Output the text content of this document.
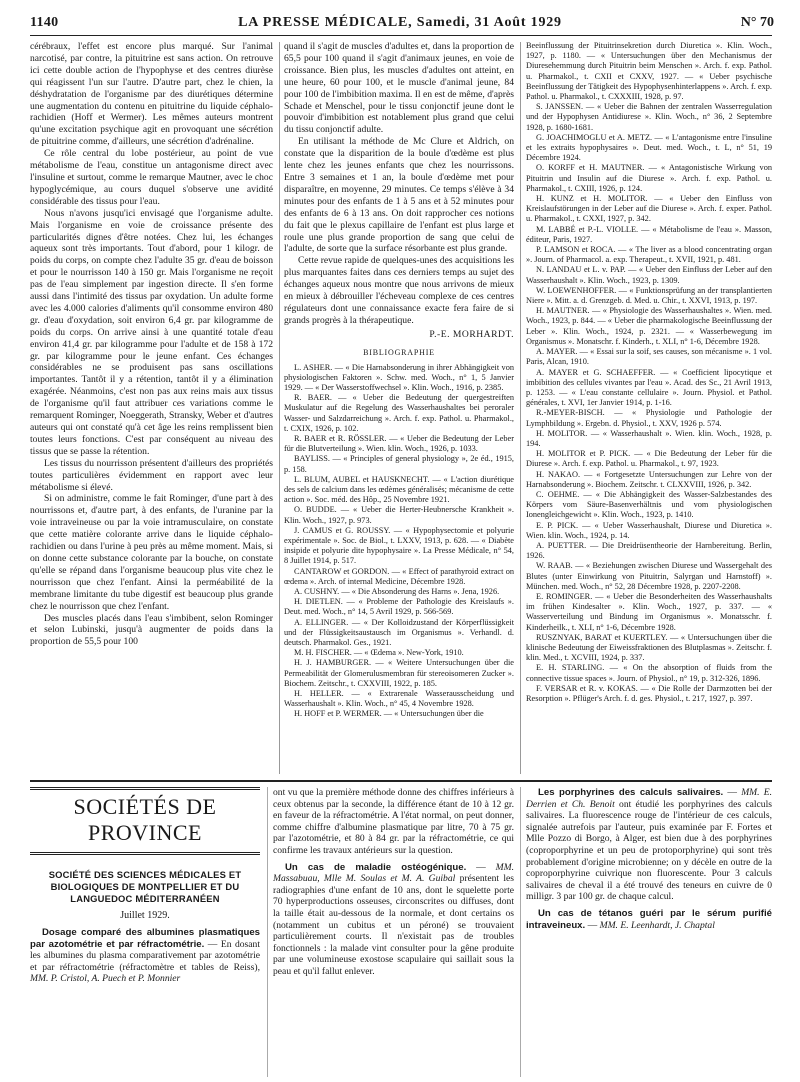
1140	LA PRESSE MÉDICALE, Samedi, 31 Août 1929	N° 70

cérébraux, l'effet est encore plus marqué. Sur l'animal narcotisé, par contre, la pituitrine est sans action. On retrouve ici cette double action de l'hypophyse et des centres diurèse qui réagissent l'un sur l'autre. D'autre part, chez le chien, la déshydratation de l'organisme par des diurétiques détermine une augmentation du contenu en pituitrine du liquide céphalo-rachidien (Hoff et Wermer). Les mêmes auteurs montrent qu'une excitation psychique agit en provoquant une sécrétion de pituitrine comme, d'ailleurs, une sécrétion d'adrénaline.

Ce rôle central du lobe postérieur, au point de vue métabolisme de l'eau, constitue un antagonisme direct avec l'insuline et surtout, comme le remarque Mautner, avec le choc hypoglycémique, au cours duquel s'observe une avidité considérable des tissus pour l'eau.

Nous n'avons jusqu'ici envisagé que l'organisme adulte. Mais l'organisme en voie de croissance présente des particularités dignes d'être notées. Chez lui, les échanges aqueux sont très importants. Tout d'abord, pour 1 kilogr. de poids du corps, on compte chez l'adulte 35 gr. d'eau de boisson et pour le nourrisson 140 à 150 gr. Mais l'organisme ne reçoit pas de l'eau simplement par ingestion directe. Il s'en forme aussi dans l'intimité des tissus par oxydation. Un adulte forme avec les 4.000 calories d'aliments qu'il consomme environ 480 gr. d'eau d'oxydation, soit environ 6,4 gr. par kilogramme de poids du corps. On arrive ainsi à une quantité totale d'eau environ 41,4 gr. par kilogramme pour l'adulte et de 158 à 172 gr. par kilogramme pour le jeune enfant. Ces échanges considérables ne se produisent pas sans oscillations importantes. Tantôt il y a rétention, tantôt il y a élimination exagérée. Néanmoins, c'est non pas aux reins mais aux tissus de l'organisme qu'il faut attribuer ces variations comme le remarquent Rominger, Noeggerath, Stransky, Weber et d'autres auteurs qui ont constaté qu'à cet âge les reins remplissent bien toutes leurs fonctions. C'est par conséquent au niveau des tissus que se passe la rétention.

Les tissus du nourrisson présentent d'ailleurs des propriétés toutes particulières évidemment en rapport avec leur métabolisme si élevé.

Si on administre, comme le fait Rominger, d'une part à des nourrissons et, d'autre part, à des enfants, de l'uranine par la voie intraveineuse ou par la voie intramusculaire, on constate que cette matière colorante arrive dans le liquide céphalo-rachidien ou dans l'urine à peu près au même moment. Mais, si on donne cette substance colorante par la bouche, on constate qu'elle se répand dans l'organisme beaucoup plus vite chez le nourrisson que chez l'enfant. Ainsi la perméabilité de la membrane limitante du tube digestif est beaucoup plus grande chez le nourrisson que chez l'enfant.

Des muscles placés dans l'eau s'imbibent, selon Rominger et selon Lubinski, jusqu'à augmenter de poids dans la proportion de 55,5 pour 100

quand il s'agit de muscles d'adultes et, dans la proportion de 65,5 pour 100 quand il s'agit d'animaux jeunes, en voie de croissance. Bien plus, les muscles d'adultes ont atteint, en une heure, 60 pour 100, et le muscle d'animal jeune, 84 pour 100 de l'imbibition maxima. Il en est de même, d'après Schade et Menschel, pour le tissu conjonctif jeune dont le pouvoir d'imbibition est notablement plus grand que celui du tissu conjonctif adulte.

En utilisant la méthode de Mc Clure et Aldrich, on constate que la disparition de la boule d'œdème est plus lente chez les jeunes enfants que chez les nourrissons. Entre 3 semaines et 1 an, la boule d'œdème met pour disparaître, en moyenne, 29 minutes. Ce temps s'élève à 34 minutes pour des enfants de 1 à 5 ans et à 52 minutes pour des enfants de 6 à 13 ans. On doit rapprocher ces notions du fait que le plexus capillaire de l'enfant est plus large et roule une plus grande proportion de sang que celui de l'adulte, de sorte que la surface résorbante est plus grande.

Cette revue rapide de quelques-unes des acquisitions les plus marquantes faites dans ces derniers temps au sujet des échanges aqueux nous montre que nous arrivons de mieux en mieux à débrouiller l'écheveau complexe de ces centres régulateurs dont une connaissance exacte fera faire de si grands progrès à la thérapeutique.

P.-E. MORHARDT.
BIBLIOGRAPHIE

L. ASHER. — « Die Harnabsonderung in ihrer Abhängigkeit von physiologischen Faktoren ». Schw. med. Woch., n° 1, 5 Janvier 1929. — « Der Wasserstoffwechsel ». Klin. Woch., 1916, p. 2385.

R. BAER. — « Ueber die Bedeutung der quergestreiften Muskulatur auf die Regelung des Wasserhaushaltes bei peroraler Wasser- und Salzdarreichung ». Arch. f. exp. Pathol. u. Pharmakol., t. CXIX, 1926, p. 102.

R. BAER et R. RÖSSLER. — « Ueber die Bedeutung der Leber für die Blutverteilung ». Wien. klin. Woch., 1926, p. 1033.

BAYLISS. — « Principles of general physiology », 2e éd., 1915, p. 158.

L. BLUM, AUBEL et HAUSKNECHT. — « L'action diurétique des sels de calcium dans les œdèmes généralisés; mécanisme de cette action ». Soc. méd. des Hôp., 25 Novembre 1921.

O. BUDDE. — « Ueber die Herter-Heubnersche Krankheit ». Klin. Woch., 1927, p. 973.

J. CAMUS et G. ROUSSY. — « Hypophysectomie et polyurie expérimentale ». Soc. de Biol., t. LXXV, 1913, p. 628. — « Diabète insipide et polyurie dite hypophysaire ». La Presse Médicale, n° 54, 8 Juillet 1914, p. 517.

CANTAROW et GORDON. — « Effect of parathyroid extract on œdema ». Arch. of internal Medicine, Décembre 1928.

A. CUSHNY. — « Die Absonderung des Harns ». Jena, 1926.

H. DIETLEN. — « Probleme der Pathologie des Kreislaufs ». Deut. med. Woch., n° 14, 5 Avril 1929, p. 566-569.

A. ELLINGER. — « Der Kolloidzustand der Körperflüssigkeit und der Flüssigkeitsaustausch im Organismus ». Verhandl. d. deutsch. Pharmakol. Ges., 1921.

M. H. FISCHER. — « Œdema ». New-York, 1910.

H. J. HAMBURGER. — « Weitere Untersuchungen über die Permeabilität der Glomerulusmembran für stereoisomeren Zucker ». Biochem. Zeitschr., t. CXXVIII, 1922, p. 185.

H. HELLER. — « Extrarenale Wasserausscheidung und Wasserhaushalt ». Klin. Woch., n° 45, 4 Novembre 1928.

H. HOFF et P. WERMER. — « Untersuchungen über die

Beeinflussung der Pituitrinsekretion durch Diuretica ». Klin. Woch., 1927, p. 1180. — « Untersuchungen über den Mechanismus der Diuresehemmung durch Pituitrin beim Menschen ». Arch. f. exp. Pathol. u. Pharmakol., t. CXII et CXXV, 1927. — « Ueber psychische Beeinflussung der Tätigkeit des Hypophysenhinterlappens ». Arch. f. exp. Pathol. u. Pharmakol., t. CXXXIII, 1928, p. 97.

S. JANSSEN. — « Ueber die Bahnen der zentralen Wasserregulation und der Hypophysen Antidiurese ». Klin. Woch., n° 36, 2 Septembre 1928, p. 1680-1681.

G. JOACHIMOGLU et A. METZ. — « L'antagonisme entre l'insuline et les extraits hypophysaires ». Deut. med. Woch., t. L, n° 51, 19 Décembre 1924.

O. KORFF et H. MAUTNER. — « Antagonistische Wirkung von Pituitrin und Insulin auf die Diurese ». Arch. f. exp. Pathol. u. Pharmakol., t. CXIII, 1926, p. 124.

H. KUNZ et H. MOLITOR. — « Ueber den Einfluss von Kreislaufstörungen in der Leber auf die Diurese ». Arch. f. exper. Pathol. u. Pharmakol., t. CXXI, 1927, p. 342.

M. LABBÉ et P.-L. VIOLLE. — « Métabolisme de l'eau ». Masson, éditeur, Paris, 1927.

P. LAMSON et ROCA. — « The liver as a blood concentrating organ ». Journ. of Pharmacol. a. exp. Therapeut., t. XVII, 1921, p. 481.

N. LANDAU et L. v. PAP. — « Ueber den Einfluss der Leber auf den Wasserhaushalt ». Klin. Woch., 1923, p. 1309.

W. LOEWENHOFFER. — « Funktionsprüfung an der transplantierten Niere ». Mitt. a. d. Grenzgeb. d. Med. u. Chir., t. XXVI, 1913, p. 197.

H. MAUTNER. — « Physiologie des Wasserhaushaltes ». Wien. med. Woch., 1923, p. 844. — « Ueber die pharmakologische Beeinflussung der Leber ». Klin. Woch., 1924, p. 2321. — « Wasserbewegung im Organismus ». Monatschr. f. Kinderh., t. XLI, n° 1-6, Décembre 1928.

A. MAYER. — « Essai sur la soif, ses causes, son mécanisme ». 1 vol. Paris, Alcan, 1910.

A. MAYER et G. SCHAEFFER. — « Coefficient lipocytique et imbibition des cellules vivantes par l'eau ». Acad. des Sc., 21 Avril 1913, p. 1253. — « L'eau constante cellulaire ». Journ. Physiol. et Pathol. générales, t. XVI, 1er Janvier 1914, p. 1-16.

R.-MEYER-BISCH. — « Physiologie und Pathologie der Lymphbildung ». Ergebn. d. Physiol., t. XXV, 1926 p. 574.

H. MOLITOR. — « Wasserhaushalt ». Wien. klin. Woch., 1928, p. 194.

H. MOLITOR et P. PICK. — « Die Bedeutung der Leber für die Diurese ». Arch. f. exp. Pathol. u. Pharmakol., t. 97, 1923.

H. NAKAO. — « Fortgesetzte Untersuchungen zur Lehre von der Harnabsonderung ». Biochem. Zeitschr. t. CLXXVIII, 1926, p. 342.

C. OEHME. — « Die Abhängigkeit des Wasser-Salzbestandes des Körpers vom Säure-Basenverhältnis und vom physiologischen Ionengleichgewicht ». Klin. Woch., 1923, p. 1410.

E. P. PICK. — « Ueber Wasserhaushalt, Diurese und Diuretica ». Wien. klin. Woch., 1924, p. 14.

A. PUETTER. — Die Dreidrüsentheorie der Harnbereitung. Berlin, 1926.

W. RAAB. — « Beziehungen zwischen Diurese und Wassergehalt des Blutes (unter Einwirkung von Pituitrin, Salyrgan und Harnstoff) ». München. med. Woch., n° 52, 28 Décembre 1928, p. 2207-2208.

E. ROMINGER. — « Ueber die Besonderheiten des Wasserhaushalts im frühen Kindesalter ». Klin. Woch., 1927, p. 337. — « Wasserverteilung und Bindung im Organismus ». Monatsschr. f. Kinderheilk., t. XLI, n° 1-6, Décembre 1928.

RUSZNYAK, BARAT et KUERTLEY. — « Untersuchungen über die klinische Bedeutung der Eiweissfraktionen des Blutplasmas ». Zeitschr. f. klin. Med., t. XCVIII, 1924, p. 337.

E. H. STARLING. — « On the absorption of fluids from the connective tissue spaces ». Journ. of Physiol., n° 19, p. 312-326, 1896.

F. VERSAR et R. v. KOKAS. — « Die Rolle der Darmzotten bei der Resorption ». Pflüger's Arch. f. d. ges. Physiol., t. 217, 1927, p. 397.

SOCIÉTÉS DE PROVINCE
SOCIÉTÉ DES SCIENCES MÉDICALES ET BIOLOGIQUES DE MONTPELLIER ET DU LANGUEDOC MÉDITERRANÉEN
Juillet 1929.

Dosage comparé des albumines plasmatiques par azotométrie et par réfractométrie. — En dosant les albumines du plasma comparativement par azotométrie et par réfractométrie (réfractomètre et tables de Reiss), MM. P. Cristol, A. Puech et P. Monnier

ont vu que la première méthode donne des chiffres inférieurs à ceux obtenus par la seconde, la différence étant de 10 à 12 gr. en faveur de la réfractométrie. A l'état normal, on peut donner, comme chiffre d'albumine plasmatique par litre, 70 à 75 gr. par l'azotométrie, et 80 à 84 gr. par la réfractométrie, ce qui confirme les travaux antérieurs sur la question.

Un cas de maladie ostéogénique. — MM. Massabuau, Mlle M. Soulas et M. A. Guibal présentent les radiographies d'une enfant de 10 ans, dont le squelette porte 70 hyperproductions osseuses, circonscrites ou diffuses, dont la taille était au-dessous de la normale, et dont certains os (notamment un cubitus et un péroné) se trouvaient particulièrement courts. Il n'existait pas de troubles fonctionnels : la malade vint consulter pour la gêne produite par une volumineuse exostose scapulaire qui saillait sous la peau et qu'il fallut enlever.

Les porphyrines des calculs salivaires. — MM. E. Derrien et Ch. Benoit ont étudié les porphyrines des calculs salivaires. La fluorescence rouge de l'intérieur de ces calculs, signalée autrefois par l'auteur, puis examinée par F. Fortes et Mlle Pozzo di Borgo, à Alger, est bien due à des porphyrines (coproporphyrine et un peu de protoporphyrine) qui sont très probablement d'origine microbienne; on y décèle en outre de la coproporphyrine cuivrique non fluorescente. Pour 3 calculs salivaires de cheval il a été trouvé des teneurs en cuivre de 0 milligr. 3 par 100 gr. de chaque calcul.

Un cas de tétanos guéri par le sérum purifié intraveineux. — MM. E. Leenhardt, J. Chaptal
